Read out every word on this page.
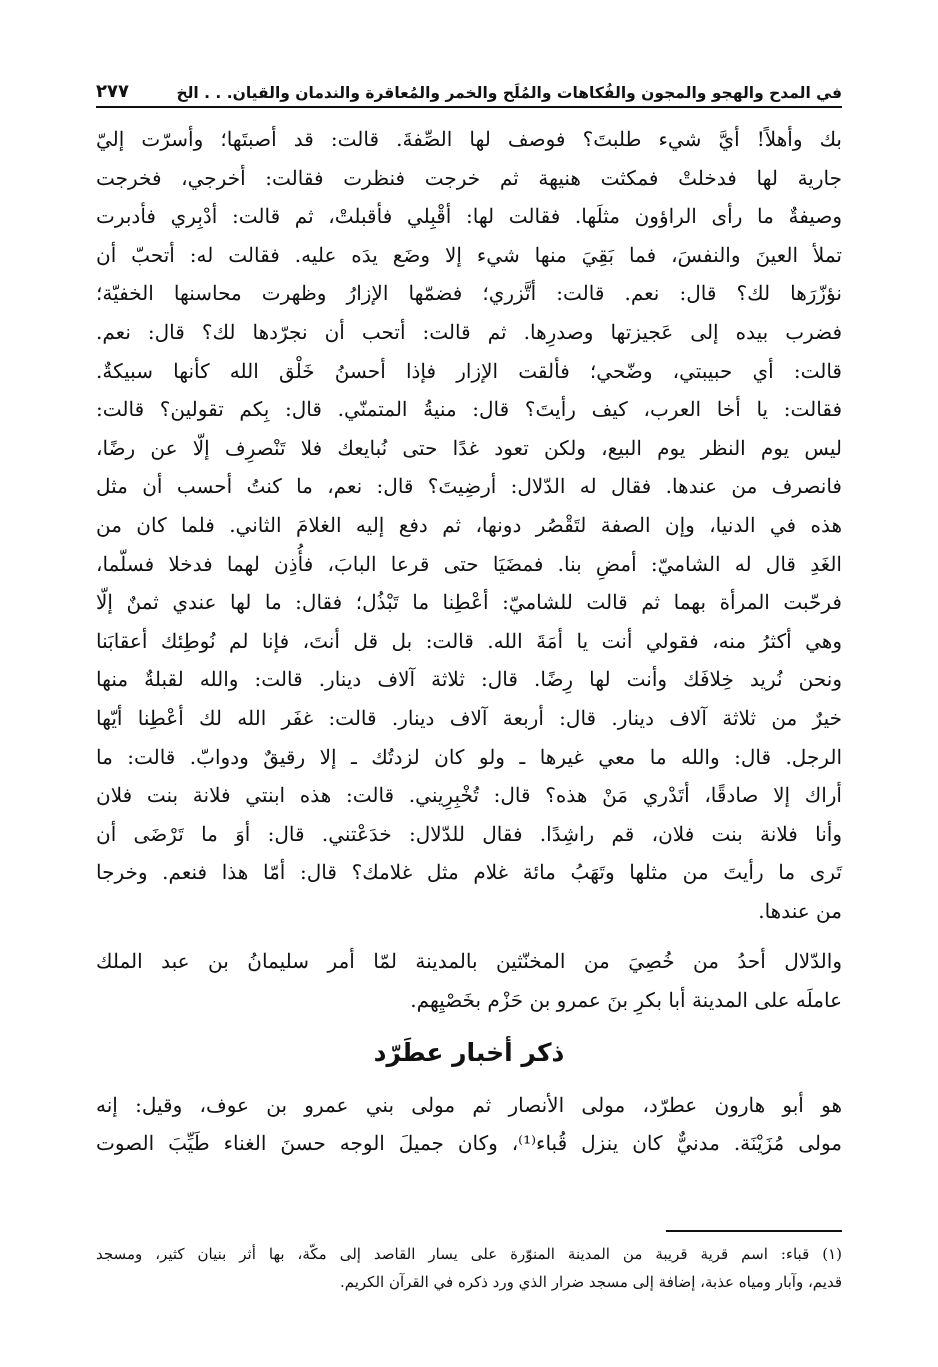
في المدح والهجو والمجون والفُكاهات والمُلَح والخمر والمُعاقرة والندمان والقيان. . . الخ
٢٧٧
بك وأهلاً! أيَّ شيء طلبتَ؟ فوصف لها الصِّفةَ. قالت: قد أصبتَها؛ وأسرّت إليّ
جارية لها فدخلتْ فمكثت هنيهة ثم خرجت فنظرت فقالت: أخرجي، فخرجت
وصيفةٌ ما رأى الراؤون مثلَها. فقالت لها: أقْبِلي فأقبلتْ، ثم قالت: أدْبِري فأدبرت
تملأ العينَ والنفسَ، فما بَقِيَ منها شيء إلا وضَع يدَه عليه. فقالت له: أتحبّ أن
نؤزّرَها لك؟ قال: نعم. قالت: أتَّزري؛ فضمّها الإزارُ وظهرت محاسنها الخفيّة؛
فضرب بيده إلى عَجيزتها وصدرِها. ثم قالت: أتحب أن نجرّدها لك؟ قال: نعم.
قالت: أي حبيبتي، وضّحي؛ فألقت الإزار فإذا أحسنُ خَلْق الله كأنها سبيكةٌ.
فقالت: يا أخا العرب، كيف رأيتَ؟ قال: منيةُ المتمنّي. قال: بِكم تقولين؟ قالت:
ليس يوم النظر يوم البيع، ولكن تعود غدًا حتى نُبايعك فلا تَنْصرِف إلّا عن رضًا،
فانصرف من عندها. فقال له الدّلال: أرضِيتَ؟ قال: نعم، ما كنتُ أحسب أن مثل
هذه في الدنيا، وإن الصفة لتَقْصُر دونها، ثم دفع إليه الغلامَ الثاني. فلما كان من
الغَدِ قال له الشاميّ: أمضِ بنا. فمضَيَا حتى قرعا البابَ، فأُذِن لهما فدخلا فسلّما،
فرحّبت المرأة بهما ثم قالت للشاميّ: أعْطِنا ما تَبْذُل؛ فقال: ما لها عندي ثمنٌ إلّا
وهي أكثرُ منه، فقولي أنت يا أمَةَ الله. قالت: بل قل أنتَ، فإنا لم نُوطِئك أعقابَنا
ونحن نُريد خِلافَك وأنت لها رِضًا. قال: ثلاثة آلاف دينار. قالت: والله لقبلةٌ منها
خيرٌ من ثلاثة آلاف دينار. قال: أربعة آلاف دينار. قالت: غفَر الله لك أعْطِنا أيّها
الرجل. قال: والله ما معي غيرها ـ ولو كان لزدتُك ـ إلا رقيقٌ ودوابّ. قالت: ما
أراك إلا صادقًا، أتَدْري مَنْ هذه؟ قال: تُخْبِرِيني. قالت: هذه ابنتي فلانة بنت فلان
وأنا فلانة بنت فلان، قم راشِدًا. فقال للدّلال: خدَعْتني. قال: أوَ ما تَرْضَى أن
تَرى ما رأيتَ من مثلها وتَهَبُ مائة غلام مثل غلامك؟ قال: أمّا هذا فنعم. وخرجا
من عندها.
والدّلال أحدُ من خُصِيَ من المخنّثين بالمدينة لمّا أمر سليمانُ بن عبد الملك
عاملَه على المدينة أبا بكرِ بنَ عمرو بن حَزْم بخَصْيِهم.
ذكر أخبار عطَرّد
هو أبو هارون عطرّد، مولى الأنصار ثم مولى بني عمرو بن عوف، وقيل: إنه
مولى مُزَيْنَة. مدنيٌّ كان ينزل قُباء⁽¹⁾، وكان جميلَ الوجه حسنَ الغناء طَيِّبَ الصوت
(١) قباء: اسم قرية قريبة من المدينة المنوّرة على يسار القاصد إلى مكّة، بها أثر بنيان كثير، ومسجد
قديم، وآبار ومياه عذبة، إضافة إلى مسجد ضرار الذي ورد ذكره في القرآن الكريم.
